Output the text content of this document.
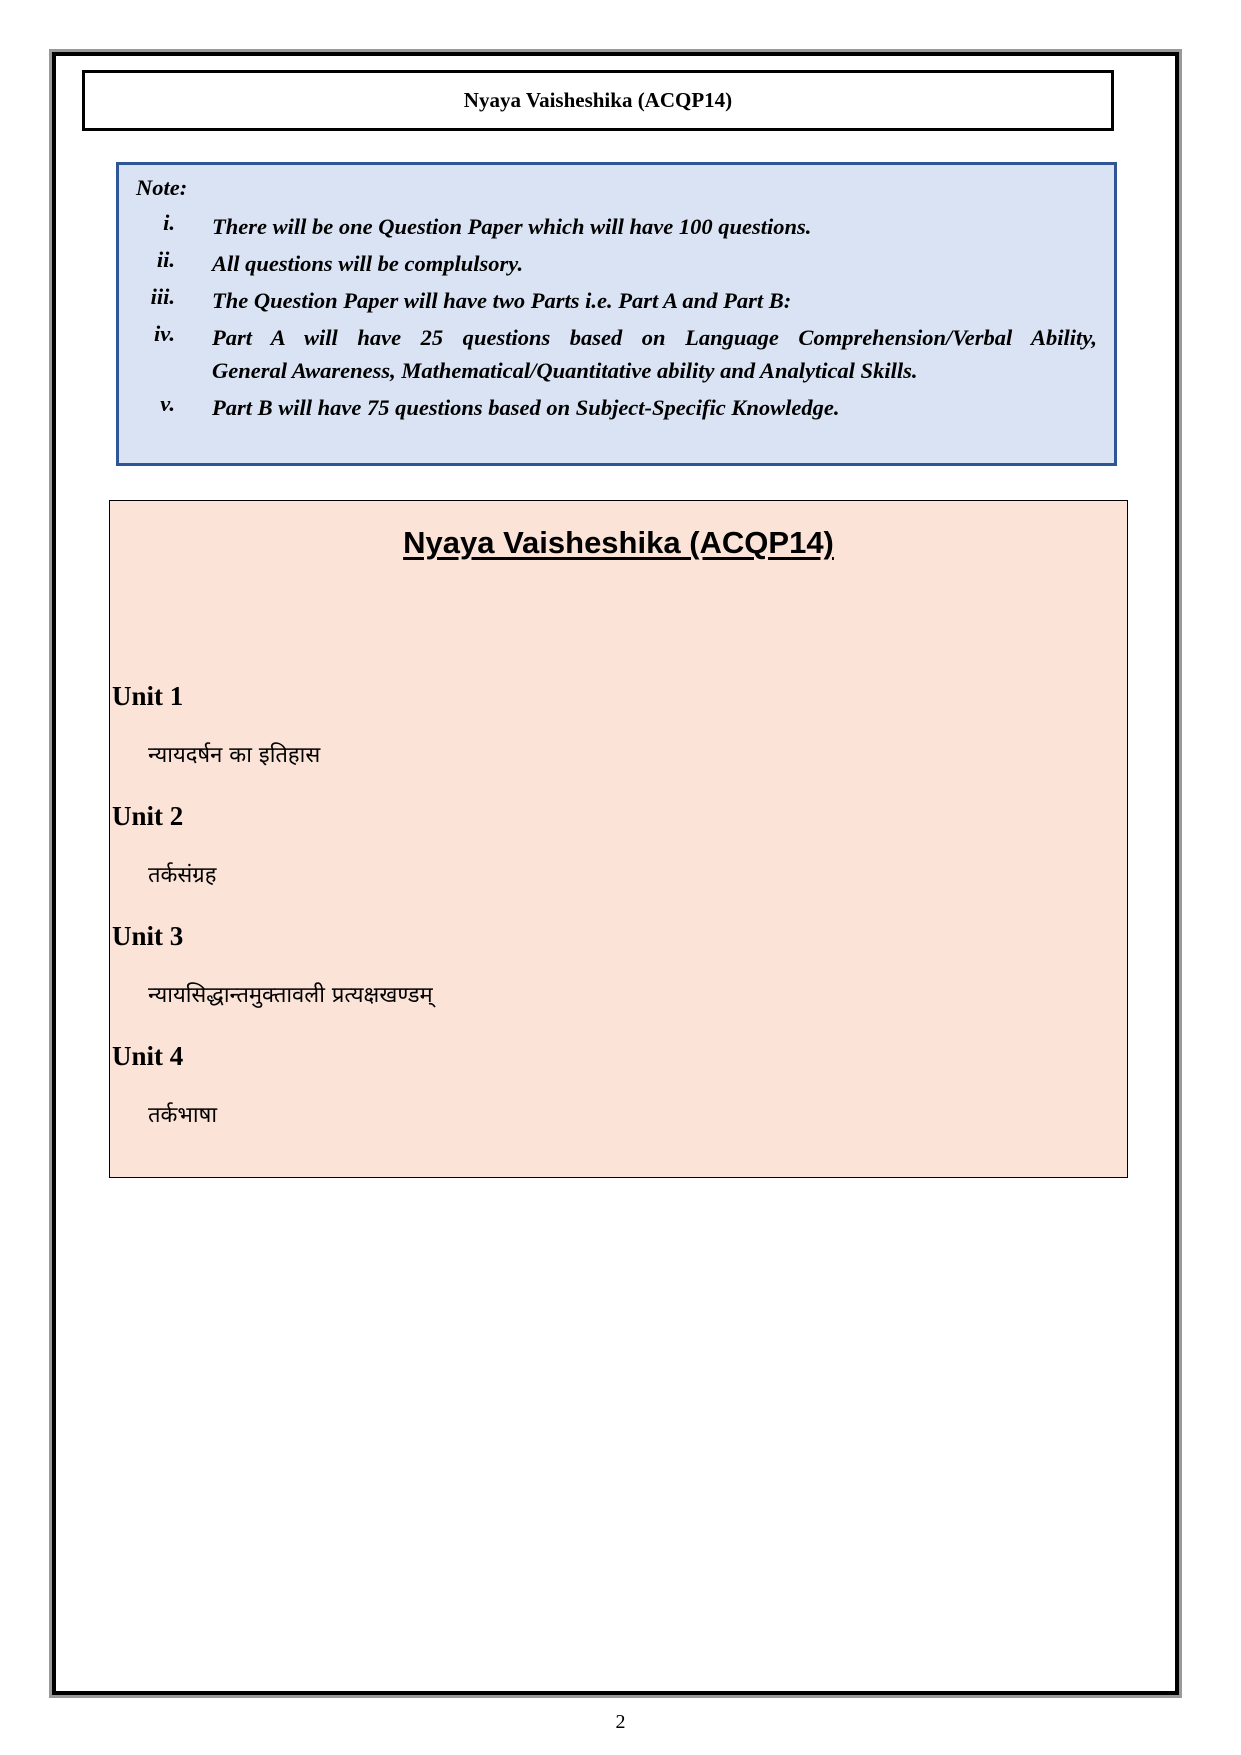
Nyaya Vaisheshika (ACQP14)
Note:
i. There will be one Question Paper which will have 100 questions.
ii. All questions will be complulsory.
iii. The Question Paper will have two Parts i.e. Part A and Part B:
iv. Part A will have 25 questions based on Language Comprehension/Verbal Ability,
General Awareness, Mathematical/Quantitative ability and Analytical Skills.
v. Part B will have 75 questions based on Subject-Specific Knowledge.
Nyaya Vaisheshika (ACQP14)
Unit 1
न्यायदर्षन का इतिहास
Unit 2
तर्कसंग्रह
Unit 3
न्यायसिद्धान्तमुक्तावली प्रत्यक्षखण्डम्
Unit 4
तर्कभाषा
2
